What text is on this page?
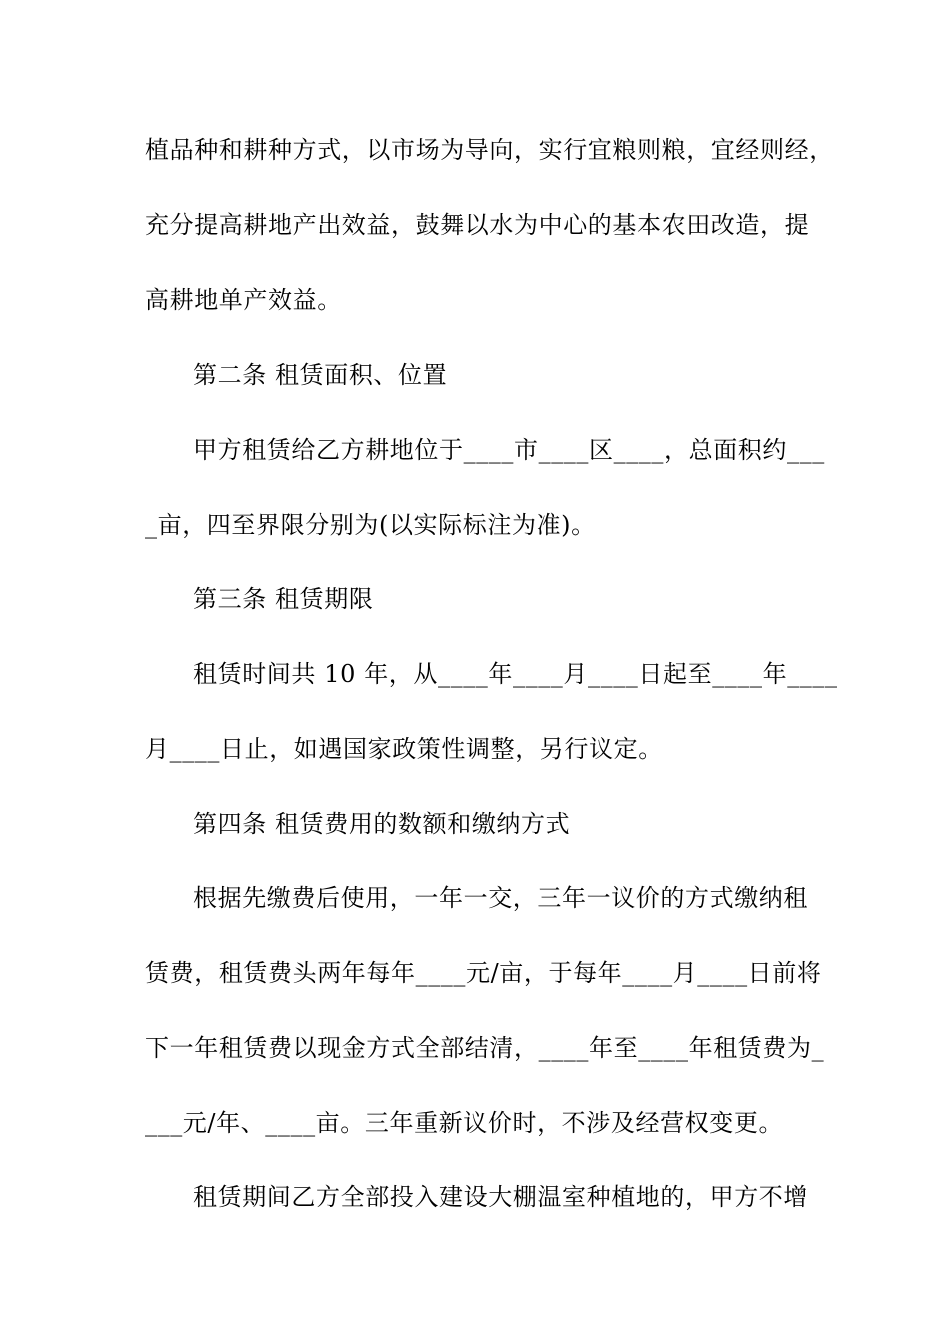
植品种和耕种方式，以市场为导向，实行宜粮则粮，宜经则经，
充分提高耕地产出效益，鼓舞以水为中心的基本农田改造，提
高耕地单产效益。
第二条 租赁面积、位置
甲方租赁给乙方耕地位于____市____区____，总面积约___
_亩，四至界限分别为(以实际标注为准)。
第三条 租赁期限
租赁时间共 10 年，从____年____月____日起至____年____
月____日止，如遇国家政策性调整，另行议定。
第四条 租赁费用的数额和缴纳方式
根据先缴费后使用，一年一交，三年一议价的方式缴纳租
赁费，租赁费头两年每年____元/亩，于每年____月____日前将
下一年租赁费以现金方式全部结清，____年至____年租赁费为_
___元/年、____亩。三年重新议价时，不涉及经营权变更。
租赁期间乙方全部投入建设大棚温室种植地的，甲方不增
